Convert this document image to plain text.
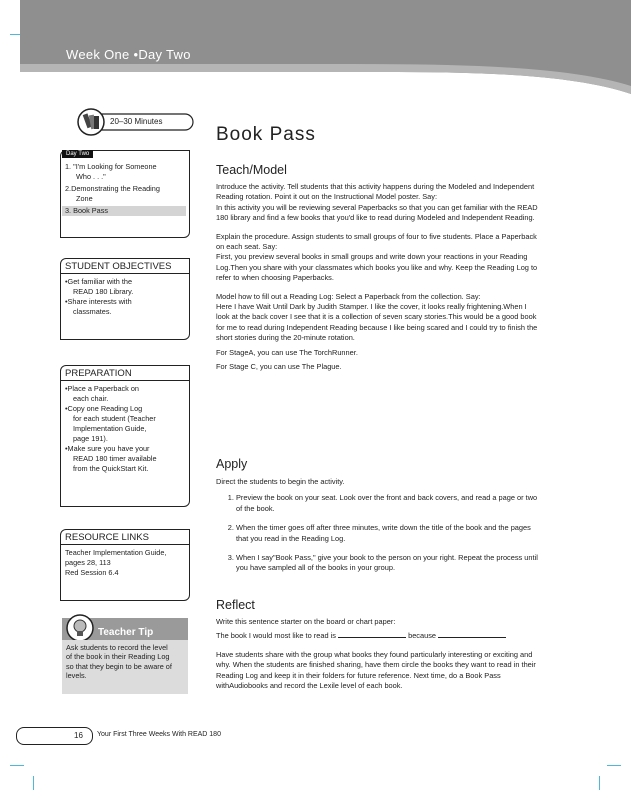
Week One •Day Two
20–30 Minutes
Day Two
1. "I'm Looking for Someone
Who . . ."
2.Demonstrating the Reading
Zone
3. Book Pass
STUDENT OBJECTIVES
•Get familiar with the
READ 180 Library.
•Share interests with
classmates.
PREPARATION
•Place a Paperback on
each chair.
•Copy one Reading Log
for each student (Teacher
Implementation Guide,
page 191).
•Make sure you have your
READ 180 timer available
from the QuickStart Kit.
RESOURCE LINKS
Teacher Implementation Guide,
pages 28, 113
Red Session 6.4
Teacher Tip
Ask students to record the level
of the book in their Reading Log
so that they begin to be aware of
levels.
Book Pass
Teach/Model

Introduce the activity. Tell students that this activity happens during the Modeled and Independent Reading rotation. Point it out on the Instructional Model poster. Say:

In this activity you will be reviewing several Paperbacks so that you can get familiar with the READ 180 library and find a few books that you'd like to read during Modeled and Independent Reading.

Explain the procedure. Assign students to small groups of four to five students. Place a Paperback on each seat. Say:

First, you preview several books in small groups and write down your reactions in your Reading Log.Then you share with your classmates which books you like and why. Keep the Reading Log to refer to when choosing Paperbacks.

Model how to fill out a Reading Log: Select a Paperback from the collection. Say:

Here I have Wait Until Dark by Judith Stamper. I like the cover, it looks really frightening.When I look at the back cover I see that it is a collection of seven scary stories.This would be a good book for me to read during Independent Reading because I like being scared and I could try to finish the short stories during the 20-minute rotation.

For StageA, you can use The TorchRunner.

For Stage C, you can use The Plague.

Apply

Direct the students to begin the activity.

1. Preview the book on your seat. Look over the front and back covers, and read a page or two of the book.
2. When the timer goes off after three minutes, write down the title of the book and the pages that you read in the Reading Log.
3. When I say"Book Pass," give your book to the person on your right. Repeat the process until you have sampled all of the books in your group.
Reflect

Write this sentence starter on the board or chart paper:

The book I would most like to read is	because

Have students share with the group what books they found particularly interesting or exciting and why. When the students are finished sharing, have them circle the books they want to read in their Reading Log and keep it in their folders for future reference. Next time, do a Book Pass withAudiobooks and record the Lexile level of each book.

16 Your First Three Weeks With READ 180
